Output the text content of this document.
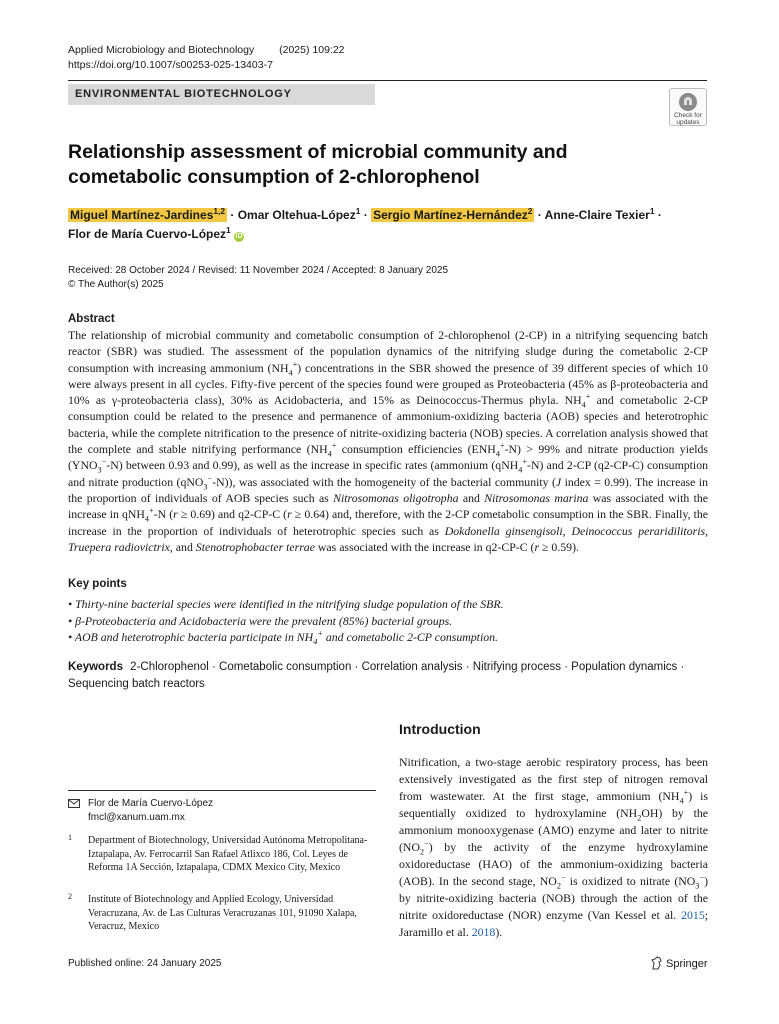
Applied Microbiology and Biotechnology (2025) 109:22
https://doi.org/10.1007/s00253-025-13403-7
ENVIRONMENTAL BIOTECHNOLOGY
Check for
updates
Relationship assessment of microbial community and cometabolic consumption of 2-chlorophenol
Miguel Martínez-Jardines$^{1,2}$ · Omar Oltehua-López$^1$ · Sergio Martínez-Hernández$^2$ · Anne-Claire Texier$^1$ ·
Flor de María Cuervo-López$^1$ iD
Received: 28 October 2024 / Revised: 11 November 2024 / Accepted: 8 January 2025
© The Author(s) 2025
Abstract
The relationship of microbial community and cometabolic consumption of 2-chlorophenol (2-CP) in a nitrifying sequencing batch reactor (SBR) was studied. The assessment of the population dynamics of the nitrifying sludge during the cometabolic 2-CP consumption with increasing ammonium $(NH_4^+)$ concentrations in the SBR showed the presence of 39 different species of which 10 were always present in all cycles. Fifty-five percent of the species found were grouped as Proteobacteria (45% as β-proteobacteria and 10% as γ-proteobacteria class), 30% as Acidobacteria, and 15% as Deinococcus-Thermus phyla. $NH_4^+$ and cometabolic 2-CP consumption could be related to the presence and permanence of ammonium-oxidizing bacteria (AOB) species and heterotrophic bacteria, while the complete nitrification to the presence of nitrite-oxidizing bacteria (NOB) species. A correlation analysis showed that the complete and stable nitrifying performance ($NH_4^+$ consumption efficiencies $(ENH_4^+-N) > 99\%$ and nitrate production yields $(YNO_3^--N)$ between 0.93 and 0.99), as well as the increase in specific rates (ammonium (qNH$_4$+-N) and 2-CP (q2-CP-C) consumption and nitrate production (qNO$_3$−-N)), was associated with the homogeneity of the bacterial community (J index = 0.99). The increase in the proportion of individuals of AOB species such as Nitrosomonas oligotropha and Nitrosomonas marina was associated with the increase in qNH$_4$+-N (r ≥ 0.69) and q2-CP-C (r ≥ 0.64) and, therefore, with the 2-CP cometabolic consumption in the SBR. Finally, the increase in the proportion of individuals of heterotrophic species such as Dokdonella ginsengisoli, Deinococcus peraridilitoris, Truepera radiovictrix, and Stenotrophobacter terrae was associated with the increase in q2-CP-C (r ≥ 0.59).
Key points

• Thirty-nine bacterial species were identified in the nitrifying sludge population of the SBR.

• β-Proteobacteria and Acidobacteria were the prevalent (85%) bacterial groups.

• AOB and heterotrophic bacteria participate in $NH_4^+$ and cometabolic 2-CP consumption.

Keywords 2-Chlorophenol · Cometabolic consumption · Correlation analysis · Nitrifying process · Population dynamics · Sequencing batch reactors
Introduction
Nitrification, a two-stage aerobic respiratory process, has been extensively investigated as the first step of nitrogen removal from wastewater. At the first stage, ammonium $(NH_4^+)$ is sequentially oxidized to hydroxylamine $(NH_2OH)$ by the ammonium monooxygenase (AMO) enzyme and later to nitrite $(NO_2^-)$ by the activity of the enzyme hydroxylamine oxidoreductase (HAO) of the ammonium-oxidizing bacteria (AOB). In the second stage, $NO_2^-$ is oxidized to nitrate $(NO_3^-)$ by nitrite-oxidizing bacteria (NOB) through the action of the nitrite oxidoreductase (NOR) enzyme (Van Kessel et al. 2015; Jaramillo et al. 2018).
Flor de María Cuervo-López
fmcl@xanum.uam.mx
1 Department of Biotechnology, Universidad Autónoma Metropolitana-Iztapalapa, Av. Ferrocarril San Rafael Atlixco 186, Col. Leyes de Reforma 1A Sección, Iztapalapa, CDMX Mexico City, Mexico
2 Institute of Biotechnology and Applied Ecology, Universidad Veracruzana, Av. de Las Culturas Veracruzanas 101, 91090 Xalapa, Veracruz, Mexico
Published online: 24 January 2025	Springer
